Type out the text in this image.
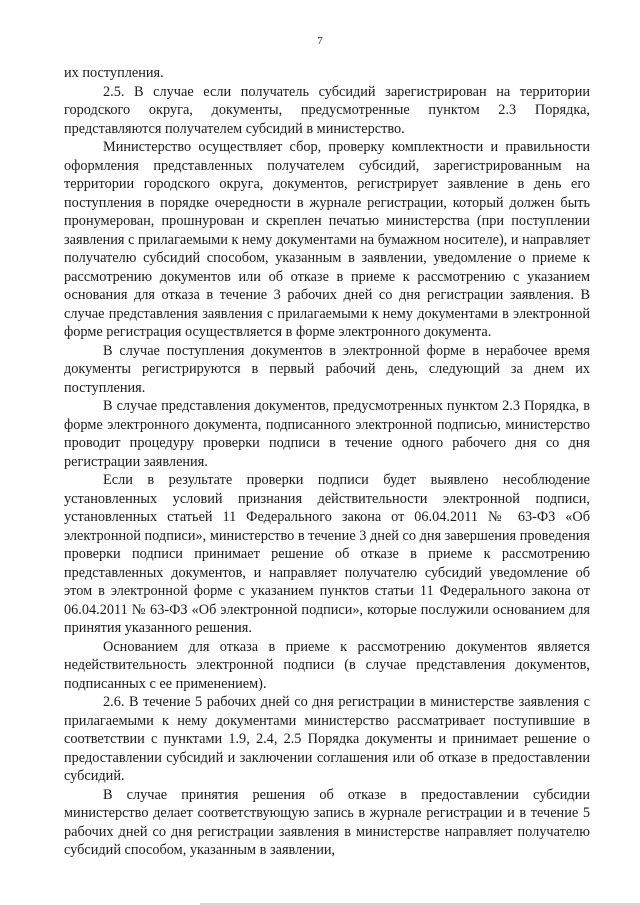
7

их поступления.

2.5. В случае если получатель субсидий зарегистрирован на территории городского округа, документы, предусмотренные пунктом 2.3 Порядка, представляются получателем субсидий в министерство.

Министерство осуществляет сбор, проверку комплектности и правильности оформления представленных получателем субсидий, зарегистрированным на территории городского округа, документов, регистрирует заявление в день его поступления в порядке очередности в журнале регистрации, который должен быть пронумерован, прошнурован и скреплен печатью министерства (при поступлении заявления с прилагаемыми к нему документами на бумажном носителе), и направляет получателю субсидий способом, указанным в заявлении, уведомление о приеме к рассмотрению документов или об отказе в приеме к рассмотрению с указанием основания для отказа в течение 3 рабочих дней со дня регистрации заявления. В случае представления заявления с прилагаемыми к нему документами в электронной форме регистрация осуществляется в форме электронного документа.

В случае поступления документов в электронной форме в нерабочее время документы регистрируются в первый рабочий день, следующий за днем их поступления.

В случае представления документов, предусмотренных пунктом 2.3 Порядка, в форме электронного документа, подписанного электронной подписью, министерство проводит процедуру проверки подписи в течение одного рабочего дня со дня регистрации заявления.

Если в результате проверки подписи будет выявлено несоблюдение установленных условий признания действительности электронной подписи, установленных статьей 11 Федерального закона от 06.04.2011 № 63-ФЗ «Об электронной подписи», министерство в течение 3 дней со дня завершения проведения проверки подписи принимает решение об отказе в приеме к рассмотрению представленных документов, и направляет получателю субсидий уведомление об этом в электронной форме с указанием пунктов статьи 11 Федерального закона от 06.04.2011 № 63-ФЗ «Об электронной подписи», которые послужили основанием для принятия указанного решения.

Основанием для отказа в приеме к рассмотрению документов является недействительность электронной подписи (в случае представления документов, подписанных с ее применением).

2.6. В течение 5 рабочих дней со дня регистрации в министерстве заявления с прилагаемыми к нему документами министерство рассматривает поступившие в соответствии с пунктами 1.9, 2.4, 2.5 Порядка документы и принимает решение о предоставлении субсидий и заключении соглашения или об отказе в предоставлении субсидий.

В случае принятия решения об отказе в предоставлении субсидии министерство делает соответствующую запись в журнале регистрации и в течение 5 рабочих дней со дня регистрации заявления в министерстве направляет получателю субсидий способом, указанным в заявлении,
